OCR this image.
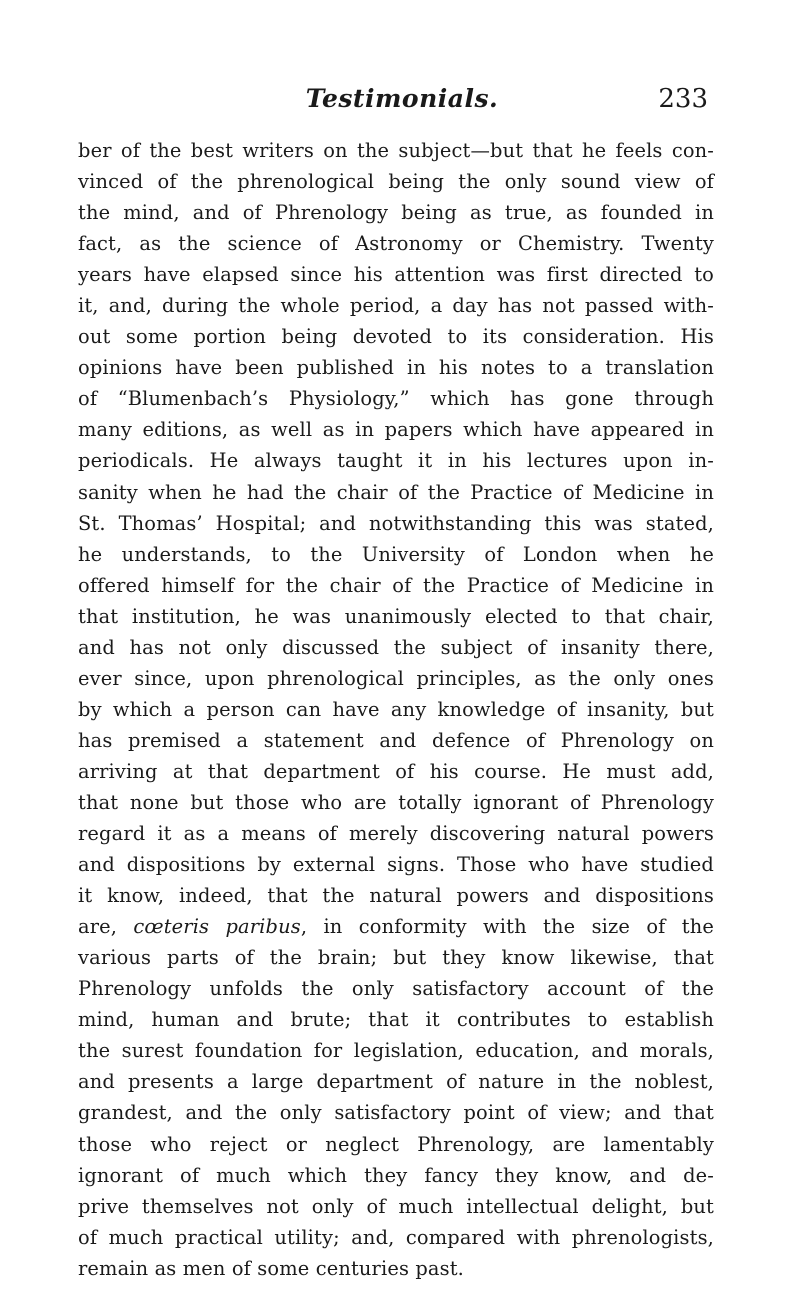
Testimonials.	233
ber of the best writers on the subject—but that he feels con-
vinced of the phrenological being the only sound view of
the mind, and of Phrenology being as true, as founded in
fact, as the science of Astronomy or Chemistry. Twenty
years have elapsed since his attention was first directed to
it, and, during the whole period, a day has not passed with-
out some portion being devoted to its consideration. His
opinions have been published in his notes to a translation
of “Blumenbach’s Physiology,” which has gone through
many editions, as well as in papers which have appeared in
periodicals. He always taught it in his lectures upon in-
sanity when he had the chair of the Practice of Medicine in
St. Thomas’ Hospital; and notwithstanding this was stated,
he understands, to the University of London when he
offered himself for the chair of the Practice of Medicine in
that institution, he was unanimously elected to that chair,
and has not only discussed the subject of insanity there,
ever since, upon phrenological principles, as the only ones
by which a person can have any knowledge of insanity, but
has premised a statement and defence of Phrenology on
arriving at that department of his course. He must add,
that none but those who are totally ignorant of Phrenology
regard it as a means of merely discovering natural powers
and dispositions by external signs. Those who have studied
it know, indeed, that the natural powers and dispositions
are, cœteris paribus, in conformity with the size of the
various parts of the brain; but they know likewise, that
Phrenology unfolds the only satisfactory account of the
mind, human and brute; that it contributes to establish
the surest foundation for legislation, education, and morals,
and presents a large department of nature in the noblest,
grandest, and the only satisfactory point of view; and that
those who reject or neglect Phrenology, are lamentably
ignorant of much which they fancy they know, and de-
prive themselves not only of much intellectual delight, but
of much practical utility; and, compared with phrenologists,
remain as men of some centuries past.
